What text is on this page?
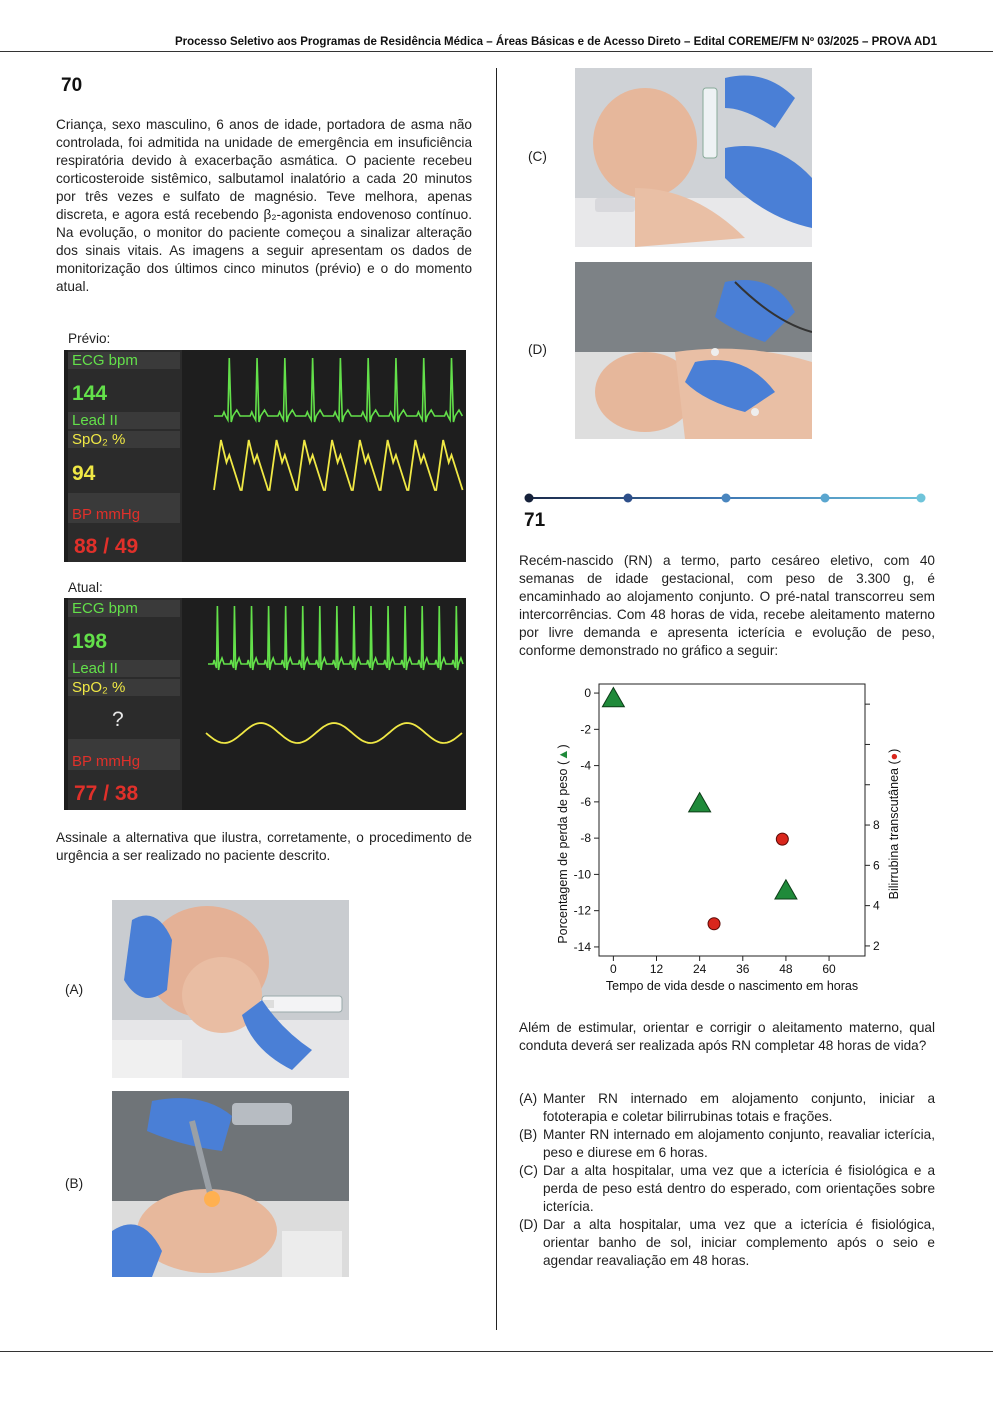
Processo Seletivo aos Programas de Residência Médica – Áreas Básicas e de Acesso Direto – Edital COREME/FM Nº 03/2025 – PROVA AD1
70
Criança, sexo masculino, 6 anos de idade, portadora de asma não controlada, foi admitida na unidade de emergência em insuficiência respiratória devido à exacerbação asmática. O paciente recebeu corticosteroide sistêmico, salbutamol inalatório a cada 20 minutos por três vezes e sulfato de magnésio. Teve melhora, apenas discreta, e agora está recebendo β₂-agonista endovenoso contínuo. Na evolução, o monitor do paciente começou a sinalizar alteração dos sinais vitais. As imagens a seguir apresentam os dados de monitorização dos últimos cinco minutos (prévio) e o do momento atual.
Prévio:
ECG bpm
144
Lead II
SpO₂ %
94
BP mmHg
88 / 49
Atual:
ECG bpm
198
Lead II
SpO₂ %
?
BP mmHg
77 / 38
Assinale a alternativa que ilustra, corretamente, o procedimento de urgência a ser realizado no paciente descrito.
(A)
(B)
(C)
(D)
71
Recém-nascido (RN) a termo, parto cesáreo eletivo, com 40 semanas de idade gestacional, com peso de 3.300 g, é encaminhado ao alojamento conjunto. O pré-natal transcorreu sem intercorrências. Com 48 horas de vida, recebe aleitamento materno por livre demanda e apresenta icterícia e evolução de peso, conforme demonstrado no gráfico a seguir:
0	12 24 36 48 60
0
-2
-4
-6
-8
-10
-12
-14	2
4
6
8
Tempo de vida desde o nascimento em horas
Porcentagem de perda de peso (▲)
Bilirrubina transcutânea (●)
Além de estimular, orientar e corrigir o aleitamento materno, qual conduta deverá ser realizada após RN completar 48 horas de vida?
(A) Manter RN internado em alojamento conjunto, iniciar a fototerapia e coletar bilirrubinas totais e frações.
(B) Manter RN internado em alojamento conjunto, reavaliar icterícia, peso e diurese em 6 horas.
(C) Dar a alta hospitalar, uma vez que a icterícia é fisiológica e a perda de peso está dentro do esperado, com orientações sobre icterícia.
(D) Dar a alta hospitalar, uma vez que a icterícia é fisiológica, orientar banho de sol, iniciar complemento após o seio e agendar reavaliação em 48 horas.
